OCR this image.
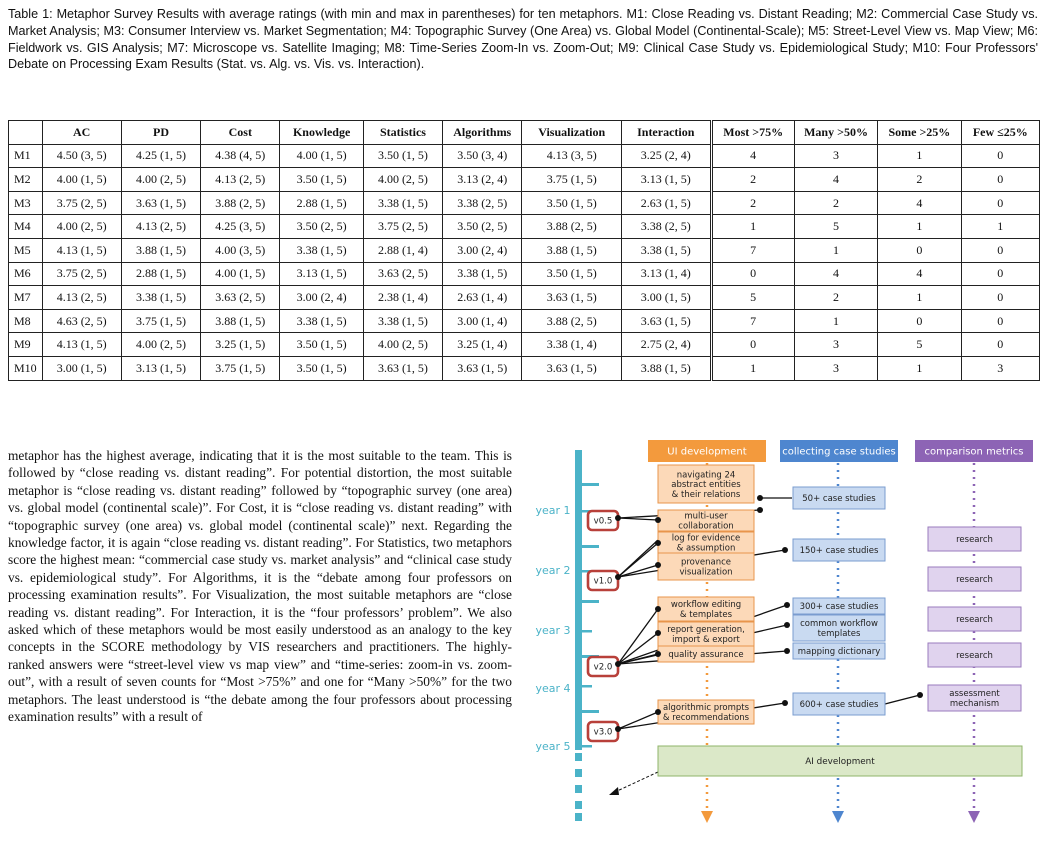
Table 1: Metaphor Survey Results with average ratings (with min and max in parentheses) for ten metaphors. M1: Close Reading vs. Distant Reading; M2: Commercial Case Study vs. Market Analysis; M3: Consumer Interview vs. Market Segmentation; M4: Topographic Survey (One Area) vs. Global Model (Continental-Scale); M5: Street-Level View vs. Map View; M6: Fieldwork vs. GIS Analysis; M7: Microscope vs. Satellite Imaging; M8: Time-Series Zoom-In vs. Zoom-Out; M9: Clinical Case Study vs. Epidemiological Study; M10: Four Professors' Debate on Processing Exam Results (Stat. vs. Alg. vs. Vis. vs. Interaction).
	AC	PD	Cost	Knowledge	Statistics	Algorithms	Visualization	Interaction	Most >75%	Many >50%	Some >25%	Few ≤25%
M1	4.50 (3, 5)	4.25 (1, 5)	4.38 (4, 5)	4.00 (1, 5)	3.50 (1, 5)	3.50 (3, 4)	4.13 (3, 5)	3.25 (2, 4)	4	3	1	0
M2	4.00 (1, 5)	4.00 (2, 5)	4.13 (2, 5)	3.50 (1, 5)	4.00 (2, 5)	3.13 (2, 4)	3.75 (1, 5)	3.13 (1, 5)	2	4	2	0
M3	3.75 (2, 5)	3.63 (1, 5)	3.88 (2, 5)	2.88 (1, 5)	3.38 (1, 5)	3.38 (2, 5)	3.50 (1, 5)	2.63 (1, 5)	2	2	4	0
M4	4.00 (2, 5)	4.13 (2, 5)	4.25 (3, 5)	3.50 (2, 5)	3.75 (2, 5)	3.50 (2, 5)	3.88 (2, 5)	3.38 (2, 5)	1	5	1	1
M5	4.13 (1, 5)	3.88 (1, 5)	4.00 (3, 5)	3.38 (1, 5)	2.88 (1, 4)	3.00 (2, 4)	3.88 (1, 5)	3.38 (1, 5)	7	1	0	0
M6	3.75 (2, 5)	2.88 (1, 5)	4.00 (1, 5)	3.13 (1, 5)	3.63 (2, 5)	3.38 (1, 5)	3.50 (1, 5)	3.13 (1, 4)	0	4	4	0
M7	4.13 (2, 5)	3.38 (1, 5)	3.63 (2, 5)	3.00 (2, 4)	2.38 (1, 4)	2.63 (1, 4)	3.63 (1, 5)	3.00 (1, 5)	5	2	1	0
M8	4.63 (2, 5)	3.75 (1, 5)	3.88 (1, 5)	3.38 (1, 5)	3.38 (1, 5)	3.00 (1, 4)	3.88 (2, 5)	3.63 (1, 5)	7	1	0	0
M9	4.13 (1, 5)	4.00 (2, 5)	3.25 (1, 5)	3.50 (1, 5)	4.00 (2, 5)	3.25 (1, 4)	3.38 (1, 4)	2.75 (2, 4)	0	3	5	0
M10	3.00 (1, 5)	3.13 (1, 5)	3.75 (1, 5)	3.50 (1, 5)	3.63 (1, 5)	3.63 (1, 5)	3.63 (1, 5)	3.88 (1, 5)	1	3	1	3
metaphor has the highest average, indicating that it is the most suitable to the team. This is followed by “close reading vs. distant reading”. For potential distortion, the most suitable metaphor is “close reading vs. distant reading” followed by “topographic survey (one area) vs. global model (continental scale)”. For Cost, it is “close reading vs. distant reading” with “topographic survey (one area) vs. global model (continental scale)” next. Regarding the knowledge factor, it is again “close reading vs. distant reading”. For Statistics, two metaphors score the highest mean: “commercial case study vs. market analysis” and “clinical case study vs. epidemiological study”. For Algorithms, it is the “debate among four professors on processing examination results”. For Visualization, the most suitable metaphors are “close reading vs. distant reading”. For Interaction, it is the “four professors’ problem”. We also asked which of these metaphors would be most easily understood as an analogy to the key concepts in the SCORE methodology by VIS researchers and practitioners. The highly-ranked answers were “street-level view vs map view” and “time-series: zoom-in vs. zoom-out”, with a result of seven counts for “Most >75%” and one for “Many >50%” for the two metaphors. The least understood is “the debate among the four professors about processing examination results” with a result of
year 1
year 2
year 3
year 4
year 5
UI development	collecting case studies	comparison metrics
navigating 24 abstract entities & their relations
multi-user collaboration
log for evidence & assumption
provenance visualization
workflow editing & templates
report generation, import & export
quality assurance
algorithmic prompts & recommendations
50+ case studies
150+ case studies
300+ case studies
common workflow templates
mapping dictionary
600+ case studies
research
research
research
research
assessment mechanism
AI development
v0.5
v1.0
v2.0
v3.0
